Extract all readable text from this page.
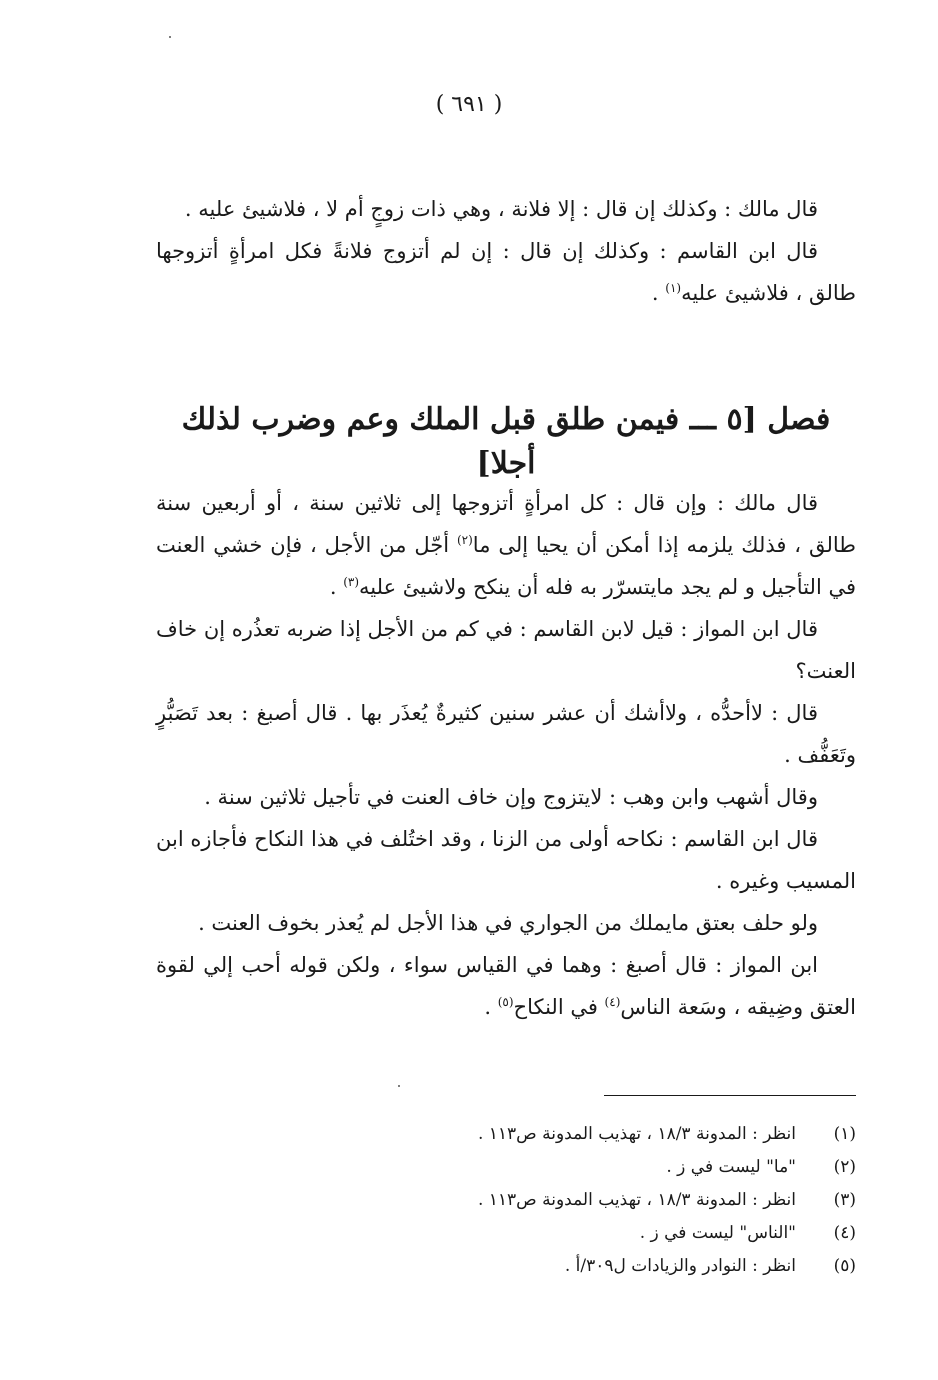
( ٦٩١ )

قال مالك : وكذلك إن قال : إلا فلانة ، وهي ذات زوجٍ أم لا ، فلاشيئ عليه .

قال ابن القاسم : وكذلك إن قال : إن لم أتزوج فلانةً فكل امرأةٍ أتزوجها طالق ، فلاشيئ عليه$^{(١)}$ .

فصل [٥ ـــ فيمن طلق قبل الملك وعم وضرب لذلك أجلا]

قال مالك : وإن قال : كل امرأةٍ أتزوجها إلى ثلاثين سنة ، أو أربعين سنة طالق ، فذلك يلزمه إذا أمكن أن يحيا إلى ما$^{(٢)}$ أجّل من الأجل ، فإن خشي العنت في التأجيل و لم يجد مايتسرّر به فله أن ينكح ولاشيئ عليه$^{(٣)}$ .

قال ابن المواز : قيل لابن القاسم : في كم من الأجل إذا ضربه تعذُره إن خاف العنت؟

قال : لاأحدُّه ، ولاأشك أن عشر سنين كثيرةٌ يُعذَر بها . قال أصبغ : بعد تَصَبُّرٍ وتَعَفُّف .

وقال أشهب وابن وهب : لايتزوج وإن خاف العنت في تأجيل ثلاثين سنة .

قال ابن القاسم : نكاحه أولى من الزنا ، وقد اختُلف في هذا النكاح فأجازه ابن المسيب وغيره .

ولو حلف بعتق مايملك من الجواري في هذا الأجل لم يُعذر بخوف العنت .

ابن المواز : قال أصبغ : وهما في القياس سواء ، ولكن قوله أحب إلي لقوة العتق وضِيقه ، وسَعة الناس$^{(٤)}$ في النكاح$^{(٥)}$ .

(١)
انظر : المدونة ١٨/٣ ، تهذيب المدونة ص١١٣ .
(٢)
"ما" ليست في ز .
(٣)
انظر : المدونة ١٨/٣ ، تهذيب المدونة ص١١٣ .
(٤)
"الناس" ليست في ز .
(٥)
انظر : النوادر والزيادات ل٣٠٩/أ .
